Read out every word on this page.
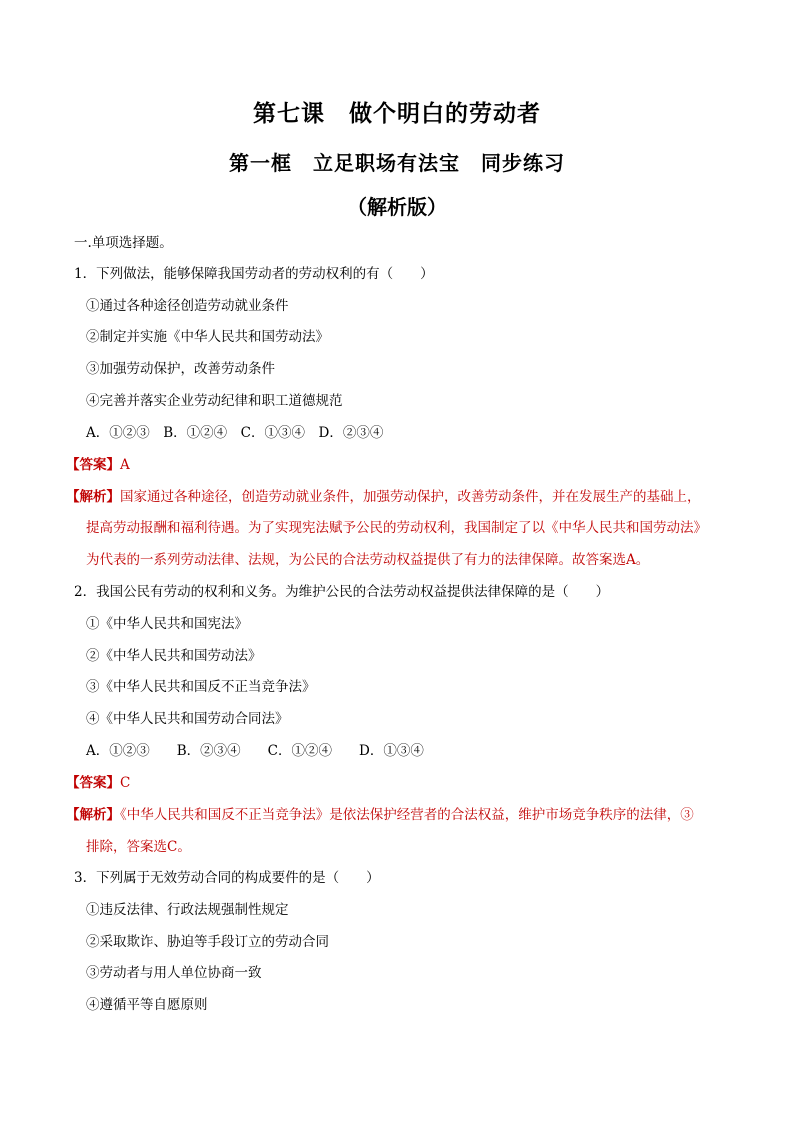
第七课　做个明白的劳动者
第一框　立足职场有法宝　同步练习
（解析版）
一.单项选择题。
1．下列做法，能够保障我国劳动者的劳动权利的有（　　）
①通过各种途径创造劳动就业条件
②制定并实施《中华人民共和国劳动法》
③加强劳动保护，改善劳动条件
④完善并落实企业劳动纪律和职工道德规范
A．①②③　B．①②④　C．①③④　D．②③④
【答案】A
【解析】国家通过各种途径，创造劳动就业条件，加强劳动保护，改善劳动条件，并在发展生产的基础上，
提高劳动报酬和福利待遇。为了实现宪法赋予公民的劳动权利，我国制定了以《中华人民共和国劳动法》
为代表的一系列劳动法律、法规，为公民的合法劳动权益提供了有力的法律保障。故答案选A。
2．我国公民有劳动的权利和义务。为维护公民的合法劳动权益提供法律保障的是（　　）
①《中华人民共和国宪法》
②《中华人民共和国劳动法》
③《中华人民共和国反不正当竞争法》
④《中华人民共和国劳动合同法》
A．①②③　　B．②③④　　C．①②④　　D．①③④
【答案】C
【解析】《中华人民共和国反不正当竞争法》是依法保护经营者的合法权益，维护市场竞争秩序的法律，③
排除，答案选C。
3．下列属于无效劳动合同的构成要件的是（　　）
①违反法律、行政法规强制性规定
②采取欺诈、胁迫等手段订立的劳动合同
③劳动者与用人单位协商一致
④遵循平等自愿原则
